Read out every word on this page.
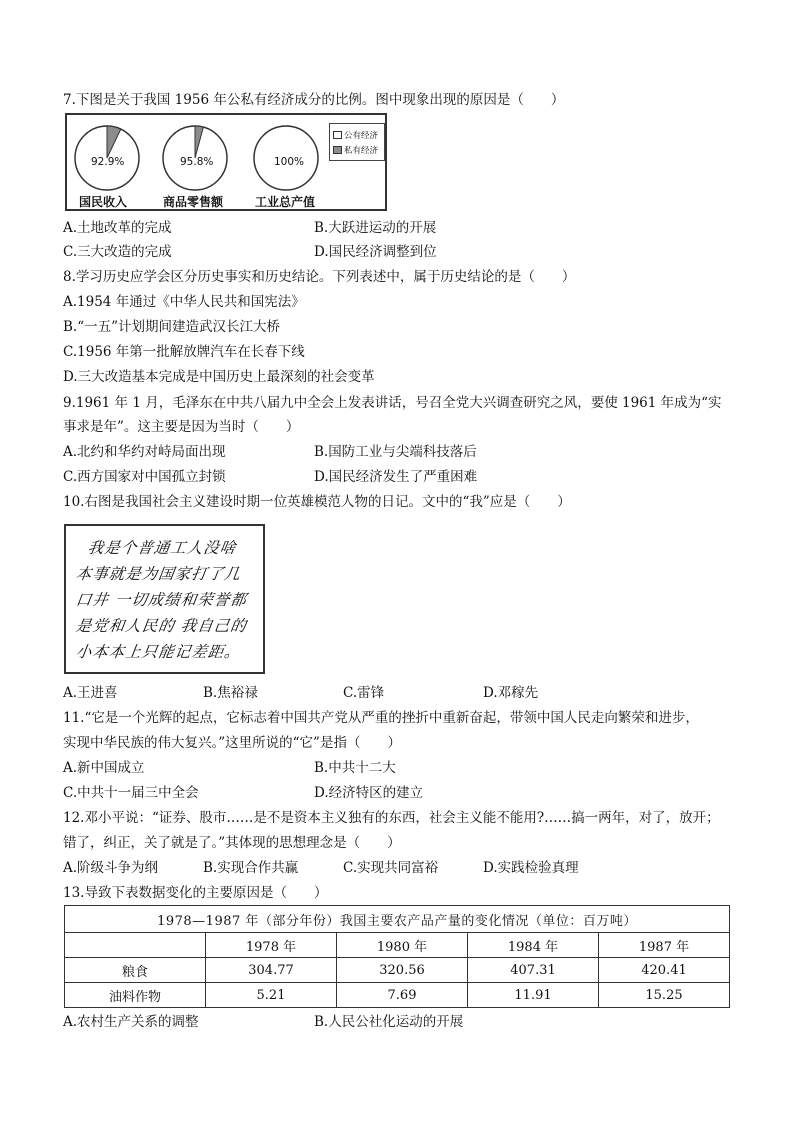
7.下图是关于我国 1956 年公私有经济成分的比例。图中现象出现的原因是（　　）
92.9%	95.8%	100%
国民收入	商品零售额	工业总产值
公有经济
私有经济
A.土地改革的完成	B.大跃进运动的开展
C.三大改造的完成	D.国民经济调整到位
8.学习历史应学会区分历史事实和历史结论。下列表述中，属于历史结论的是（　　）
A.1954 年通过《中华人民共和国宪法》
B.“一五”计划期间建造武汉长江大桥
C.1956 年第一批解放牌汽车在长春下线
D.三大改造基本完成是中国历史上最深刻的社会变革
9.1961 年 1 月，毛泽东在中共八届九中全会上发表讲话，号召全党大兴调查研究之风，要使 1961 年成为“实
事求是年”。这主要是因为当时（　　）
A.北约和华约对峙局面出现	B.国防工业与尖端科技落后
C.西方国家对中国孤立封锁	D.国民经济发生了严重困难
10.右图是我国社会主义建设时期一位英雄模范人物的日记。文中的“我”应是（　　）
我是个普通工人没啥
本事就是为国家打了几
口井 一切成绩和荣誉都
是党和人民的 我自己的
小本本上只能记差距。
A.王进喜	B.焦裕禄	C.雷锋	D.邓稼先
11.“它是一个光辉的起点，它标志着中国共产党从严重的挫折中重新奋起，带领中国人民走向繁荣和进步，
实现中华民族的伟大复兴。”这里所说的“它”是指（　　）
A.新中国成立	B.中共十二大
C.中共十一届三中全会	D.经济特区的建立
12.邓小平说：“证券、股市……是不是资本主义独有的东西，社会主义能不能用?……搞一两年，对了，放开；
错了，纠正，关了就是了。”其体现的思想理念是（　　）
A.阶级斗争为纲	B.实现合作共赢	C.实现共同富裕	D.实践检验真理
13.导致下表数据变化的主要原因是（　　）
1978—1987 年（部分年份）我国主要农产品产量的变化情况（单位：百万吨）				
	1978 年	1980 年	1984 年	1987 年
粮食	304.77	320.56	407.31	420.41
油料作物	5.21	7.69	11.91	15.25
A.农村生产关系的调整	B.人民公社化运动的开展
